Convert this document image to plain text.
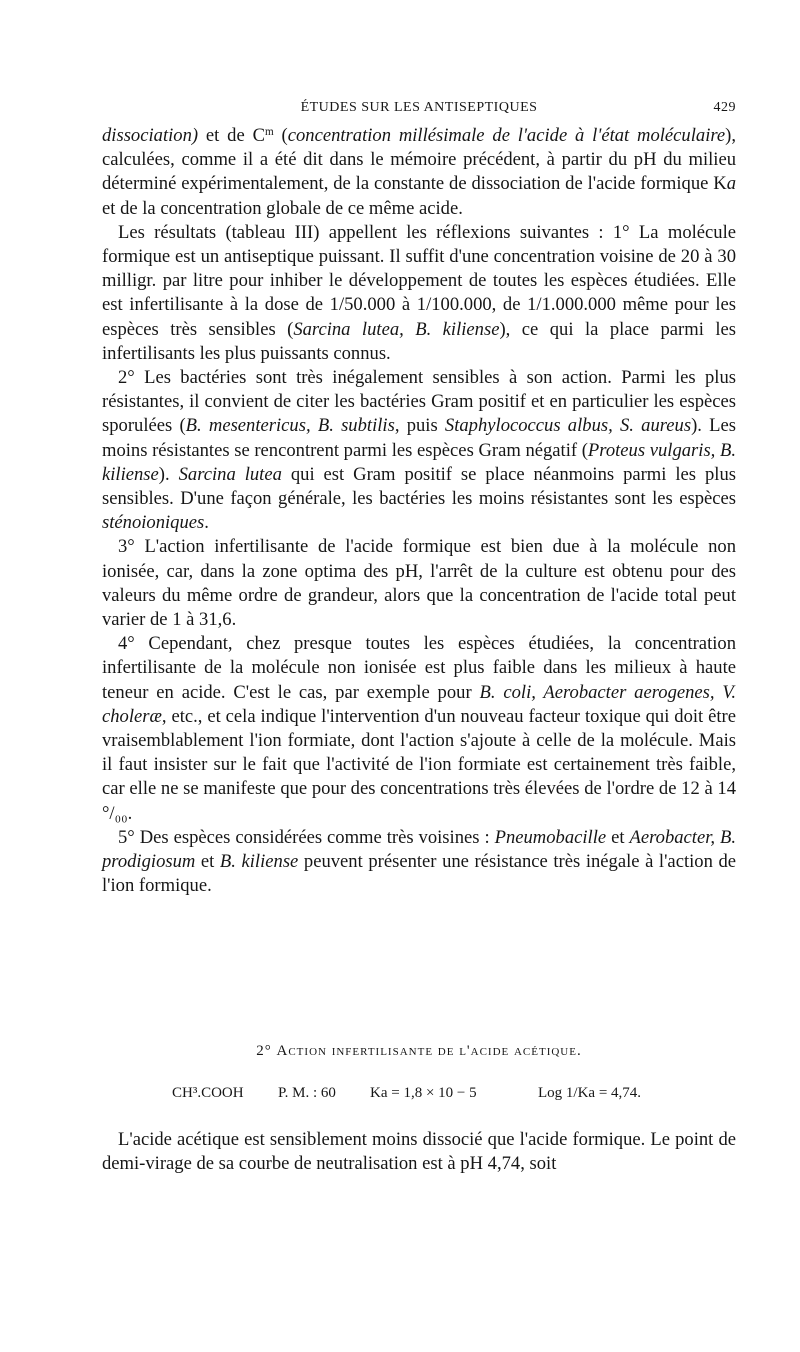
ÉTUDES SUR LES ANTISEPTIQUES	429

dissociation) et de $C^m$ (concentration millésimale de l'acide à l'état moléculaire), calculées, comme il a été dit dans le mémoire précédent, à partir du pH du milieu déterminé expérimentalement, de la constante de dissociation de l'acide formique Ka et de la concentration globale de ce même acide.

Les résultats (tableau III) appellent les réflexions suivantes : 1° La molécule formique est un antiseptique puissant. Il suffit d'une concentration voisine de 20 à 30 milligr. par litre pour inhiber le développement de toutes les espèces étudiées. Elle est infertilisante à la dose de 1/50.000 à 1/100.000, de 1/1.000.000 même pour les espèces très sensibles (Sarcina lutea, B. kiliense), ce qui la place parmi les infertilisants les plus puissants connus.

2° Les bactéries sont très inégalement sensibles à son action. Parmi les plus résistantes, il convient de citer les bactéries Gram positif et en particulier les espèces sporulées (B. mesentericus, B. subtilis, puis Staphylococcus albus, S. aureus). Les moins résistantes se rencontrent parmi les espèces Gram négatif (Proteus vulgaris, B. kiliense). Sarcina lutea qui est Gram positif se place néanmoins parmi les plus sensibles. D'une façon générale, les bactéries les moins résistantes sont les espèces sténoioniques.

3° L'action infertilisante de l'acide formique est bien due à la molécule non ionisée, car, dans la zone optima des pH, l'arrêt de la culture est obtenu pour des valeurs du même ordre de grandeur, alors que la concentration de l'acide total peut varier de 1 à 31,6.

4° Cependant, chez presque toutes les espèces étudiées, la concentration infertilisante de la molécule non ionisée est plus faible dans les milieux à haute teneur en acide. C'est le cas, par exemple pour B. coli, Aerobacter aerogenes, V. choleræ, etc., et cela indique l'intervention d'un nouveau facteur toxique qui doit être vraisemblablement l'ion formiate, dont l'action s'ajoute à celle de la molécule. Mais il faut insister sur le fait que l'activité de l'ion formiate est certainement très faible, car elle ne se manifeste que pour des concentrations très élevées de l'ordre de 12 à 14 °/₀₀.

5° Des espèces considérées comme très voisines : Pneumobacille et Aerobacter, B. prodigiosum et B. kiliense peuvent présenter une résistance très inégale à l'action de l'ion formique.

2° Action infertilisante de l'acide acétique.
CH³.COOH P. M. : 60 Ka = 1,8 × 10 − 5	Log 1/Ka = 4,74.

L'acide acétique est sensiblement moins dissocié que l'acide formique. Le point de demi-virage de sa courbe de neutralisation est à pH 4,74, soit
